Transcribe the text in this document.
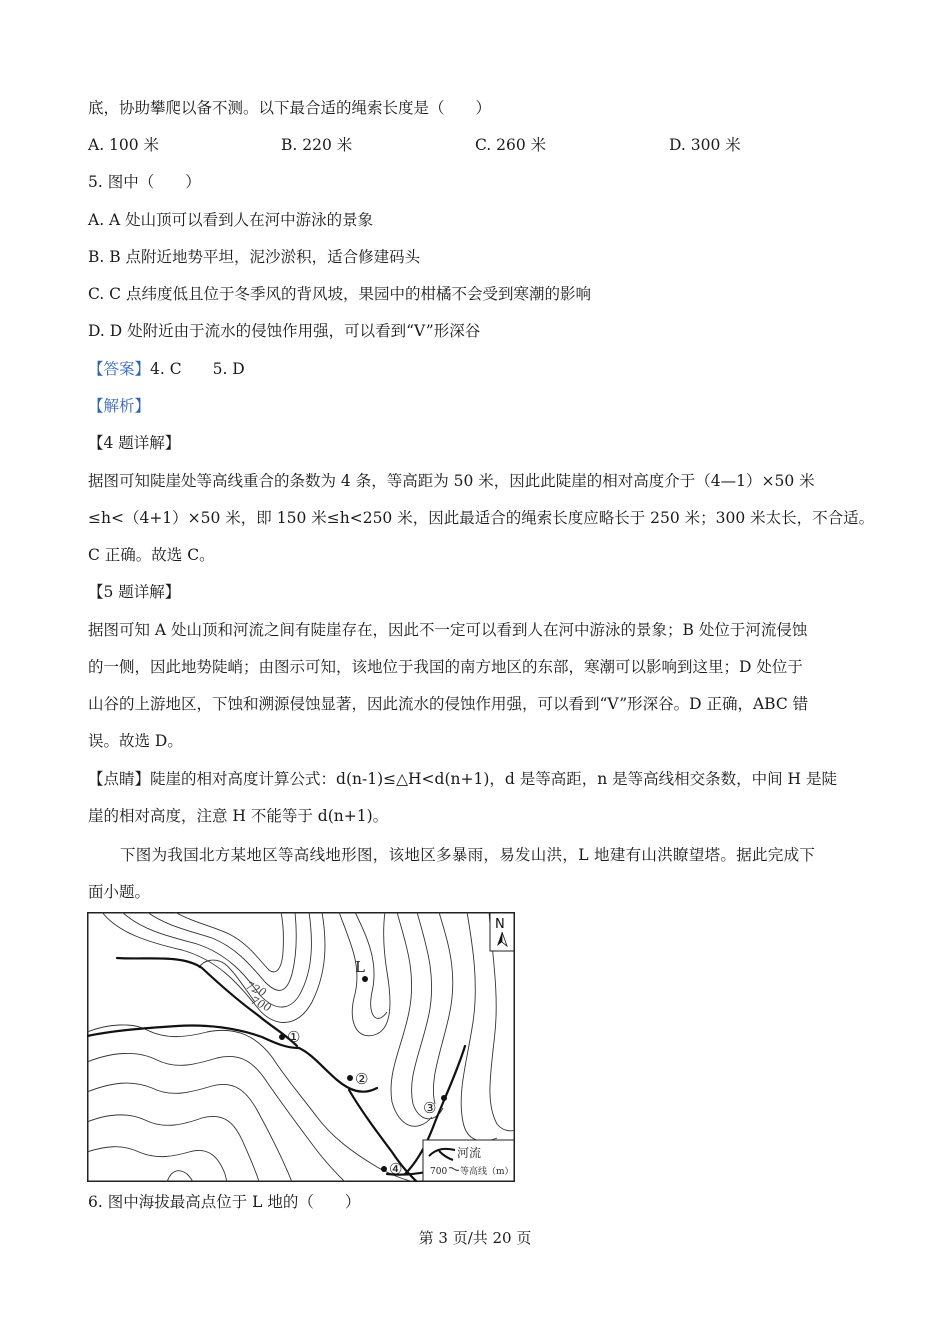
底，协助攀爬以备不测。以下最合适的绳索长度是（　　）
A. 100 米	B. 220 米	C. 260 米	D. 300 米
5. 图中（　　）
A. A 处山顶可以看到人在河中游泳的景象
B. B 点附近地势平坦，泥沙淤积，适合修建码头
C. C 点纬度低且位于冬季风的背风坡，果园中的柑橘不会受到寒潮的影响
D. D 处附近由于流水的侵蚀作用强，可以看到“V”形深谷
【答案】4. C　　5. D
【解析】
【4 题详解】
据图可知陡崖处等高线重合的条数为 4 条，等高距为 50 米，因此此陡崖的相对高度介于（4—1）×50 米
≤h<（4+1）×50 米，即 150 米≤h<250 米，因此最适合的绳索长度应略长于 250 米；300 米太长，不合适。
C 正确。故选 C。
【5 题详解】
据图可知 A 处山顶和河流之间有陡崖存在，因此不一定可以看到人在河中游泳的景象；B 处位于河流侵蚀
的一侧，因此地势陡峭；由图示可知，该地位于我国的南方地区的东部，寒潮可以影响到这里；D 处位于
山谷的上游地区，下蚀和溯源侵蚀显著，因此流水的侵蚀作用强，可以看到“V”形深谷。D 正确，ABC 错
误。故选 D。
【点睛】陡崖的相对高度计算公式：d(n-1)≤△H<d(n+1)，d 是等高距，n 是等高线相交条数，中间 H 是陡
崖的相对高度，注意 H 不能等于 d(n+1)。
下图为我国北方某地区等高线地形图，该地区多暴雨，易发山洪，L 地建有山洪瞭望塔。据此完成下
面小题。
720
700
L
①
②
③
④
N
河流
700 等高线（m）
6. 图中海拔最高点位于 L 地的（　　）
第 3 页/共 20 页
